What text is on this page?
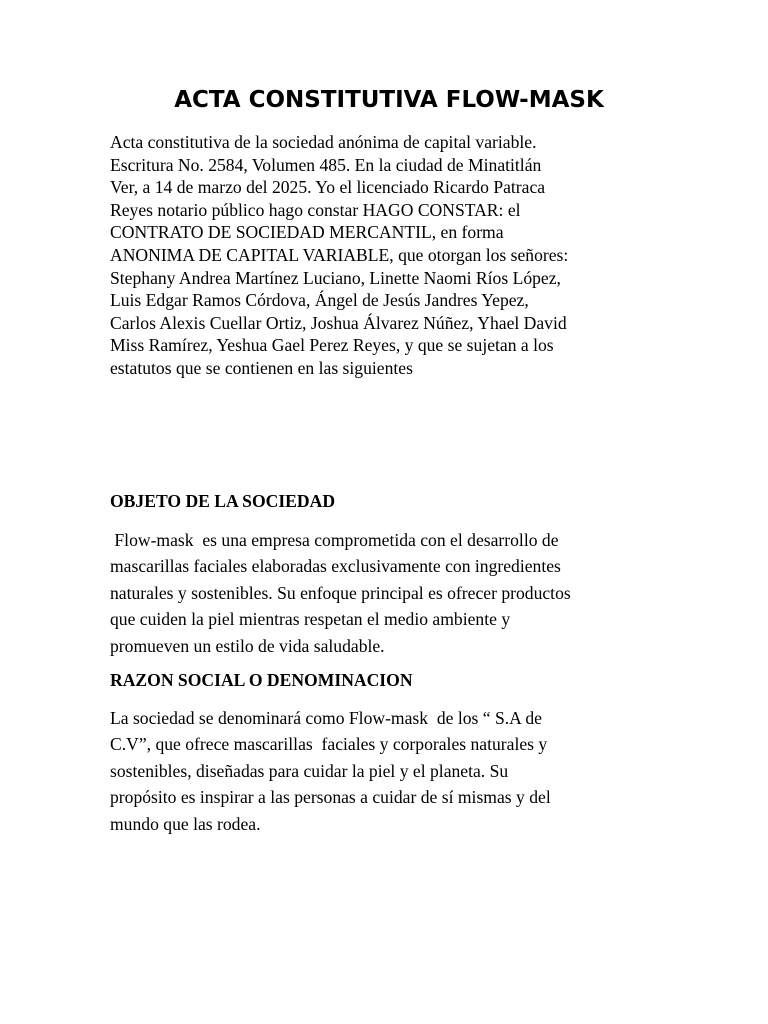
ACTA CONSTITUTIVA FLOW-MASK

Acta constitutiva de la sociedad anónima de capital variable.
Escritura No. 2584, Volumen 485. En la ciudad de Minatitlán
Ver, a 14 de marzo del 2025. Yo el licenciado Ricardo Patraca
Reyes notario público hago constar HAGO CONSTAR: el
CONTRATO DE SOCIEDAD MERCANTIL, en forma
ANONIMA DE CAPITAL VARIABLE, que otorgan los señores:
Stephany Andrea Martínez Luciano, Linette Naomi Ríos López,
Luis Edgar Ramos Córdova, Ángel de Jesús Jandres Yepez,
Carlos Alexis Cuellar Ortiz, Joshua Álvarez Núñez, Yhael David
Miss Ramírez, Yeshua Gael Perez Reyes, y que se sujetan a los
estatutos que se contienen en las siguientes

OBJETO DE LA SOCIEDAD

Flow-mask  es una empresa comprometida con el desarrollo de
mascarillas faciales elaboradas exclusivamente con ingredientes
naturales y sostenibles. Su enfoque principal es ofrecer productos
que cuiden la piel mientras respetan el medio ambiente y
promueven un estilo de vida saludable.

RAZON SOCIAL O DENOMINACION

La sociedad se denominará como Flow-mask  de los “ S.A de
C.V”, que ofrece mascarillas  faciales y corporales naturales y
sostenibles, diseñadas para cuidar la piel y el planeta. Su
propósito es inspirar a las personas a cuidar de sí mismas y del
mundo que las rodea.
